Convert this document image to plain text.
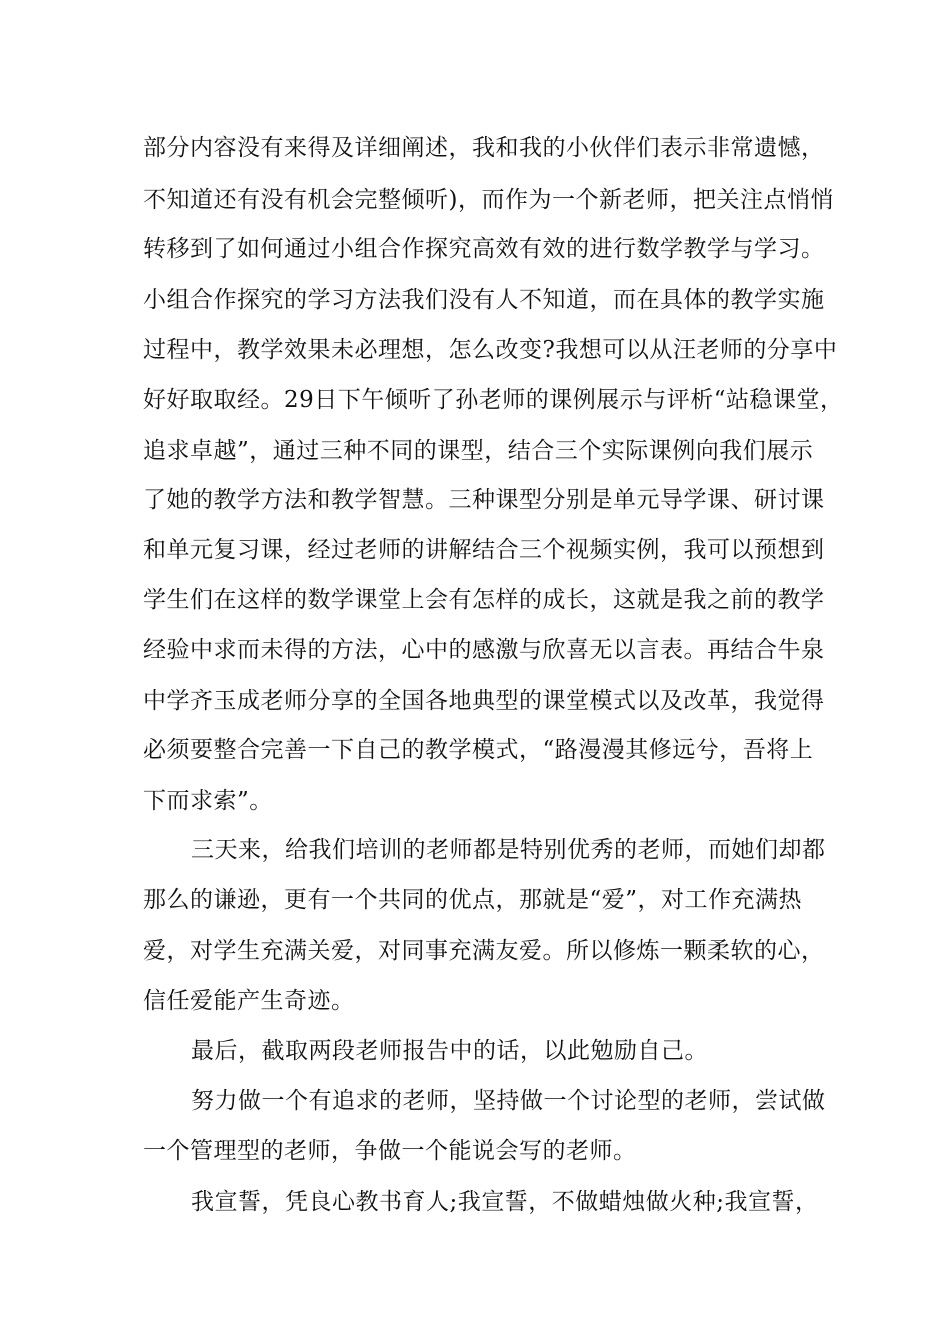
部分内容没有来得及详细阐述，我和我的小伙伴们表示非常遗憾，
不知道还有没有机会完整倾听)，而作为一个新老师，把关注点悄悄
转移到了如何通过小组合作探究高效有效的进行数学教学与学习。
小组合作探究的学习方法我们没有人不知道，而在具体的教学实施
过程中，教学效果未必理想，怎么改变?我想可以从汪老师的分享中
好好取取经。29日下午倾听了孙老师的课例展示与评析“站稳课堂，
追求卓越”，通过三种不同的课型，结合三个实际课例向我们展示
了她的教学方法和教学智慧。三种课型分别是单元导学课、研讨课
和单元复习课，经过老师的讲解结合三个视频实例，我可以预想到
学生们在这样的数学课堂上会有怎样的成长，这就是我之前的教学
经验中求而未得的方法，心中的感激与欣喜无以言表。再结合牛泉
中学齐玉成老师分享的全国各地典型的课堂模式以及改革，我觉得
必须要整合完善一下自己的教学模式，“路漫漫其修远兮，吾将上
下而求索”。
三天来，给我们培训的老师都是特别优秀的老师，而她们却都
那么的谦逊，更有一个共同的优点，那就是“爱”，对工作充满热
爱，对学生充满关爱，对同事充满友爱。所以修炼一颗柔软的心，
信任爱能产生奇迹。
最后，截取两段老师报告中的话，以此勉励自己。
努力做一个有追求的老师，坚持做一个讨论型的老师，尝试做
一个管理型的老师，争做一个能说会写的老师。
我宣誓，凭良心教书育人;我宣誓，不做蜡烛做火种;我宣誓，
